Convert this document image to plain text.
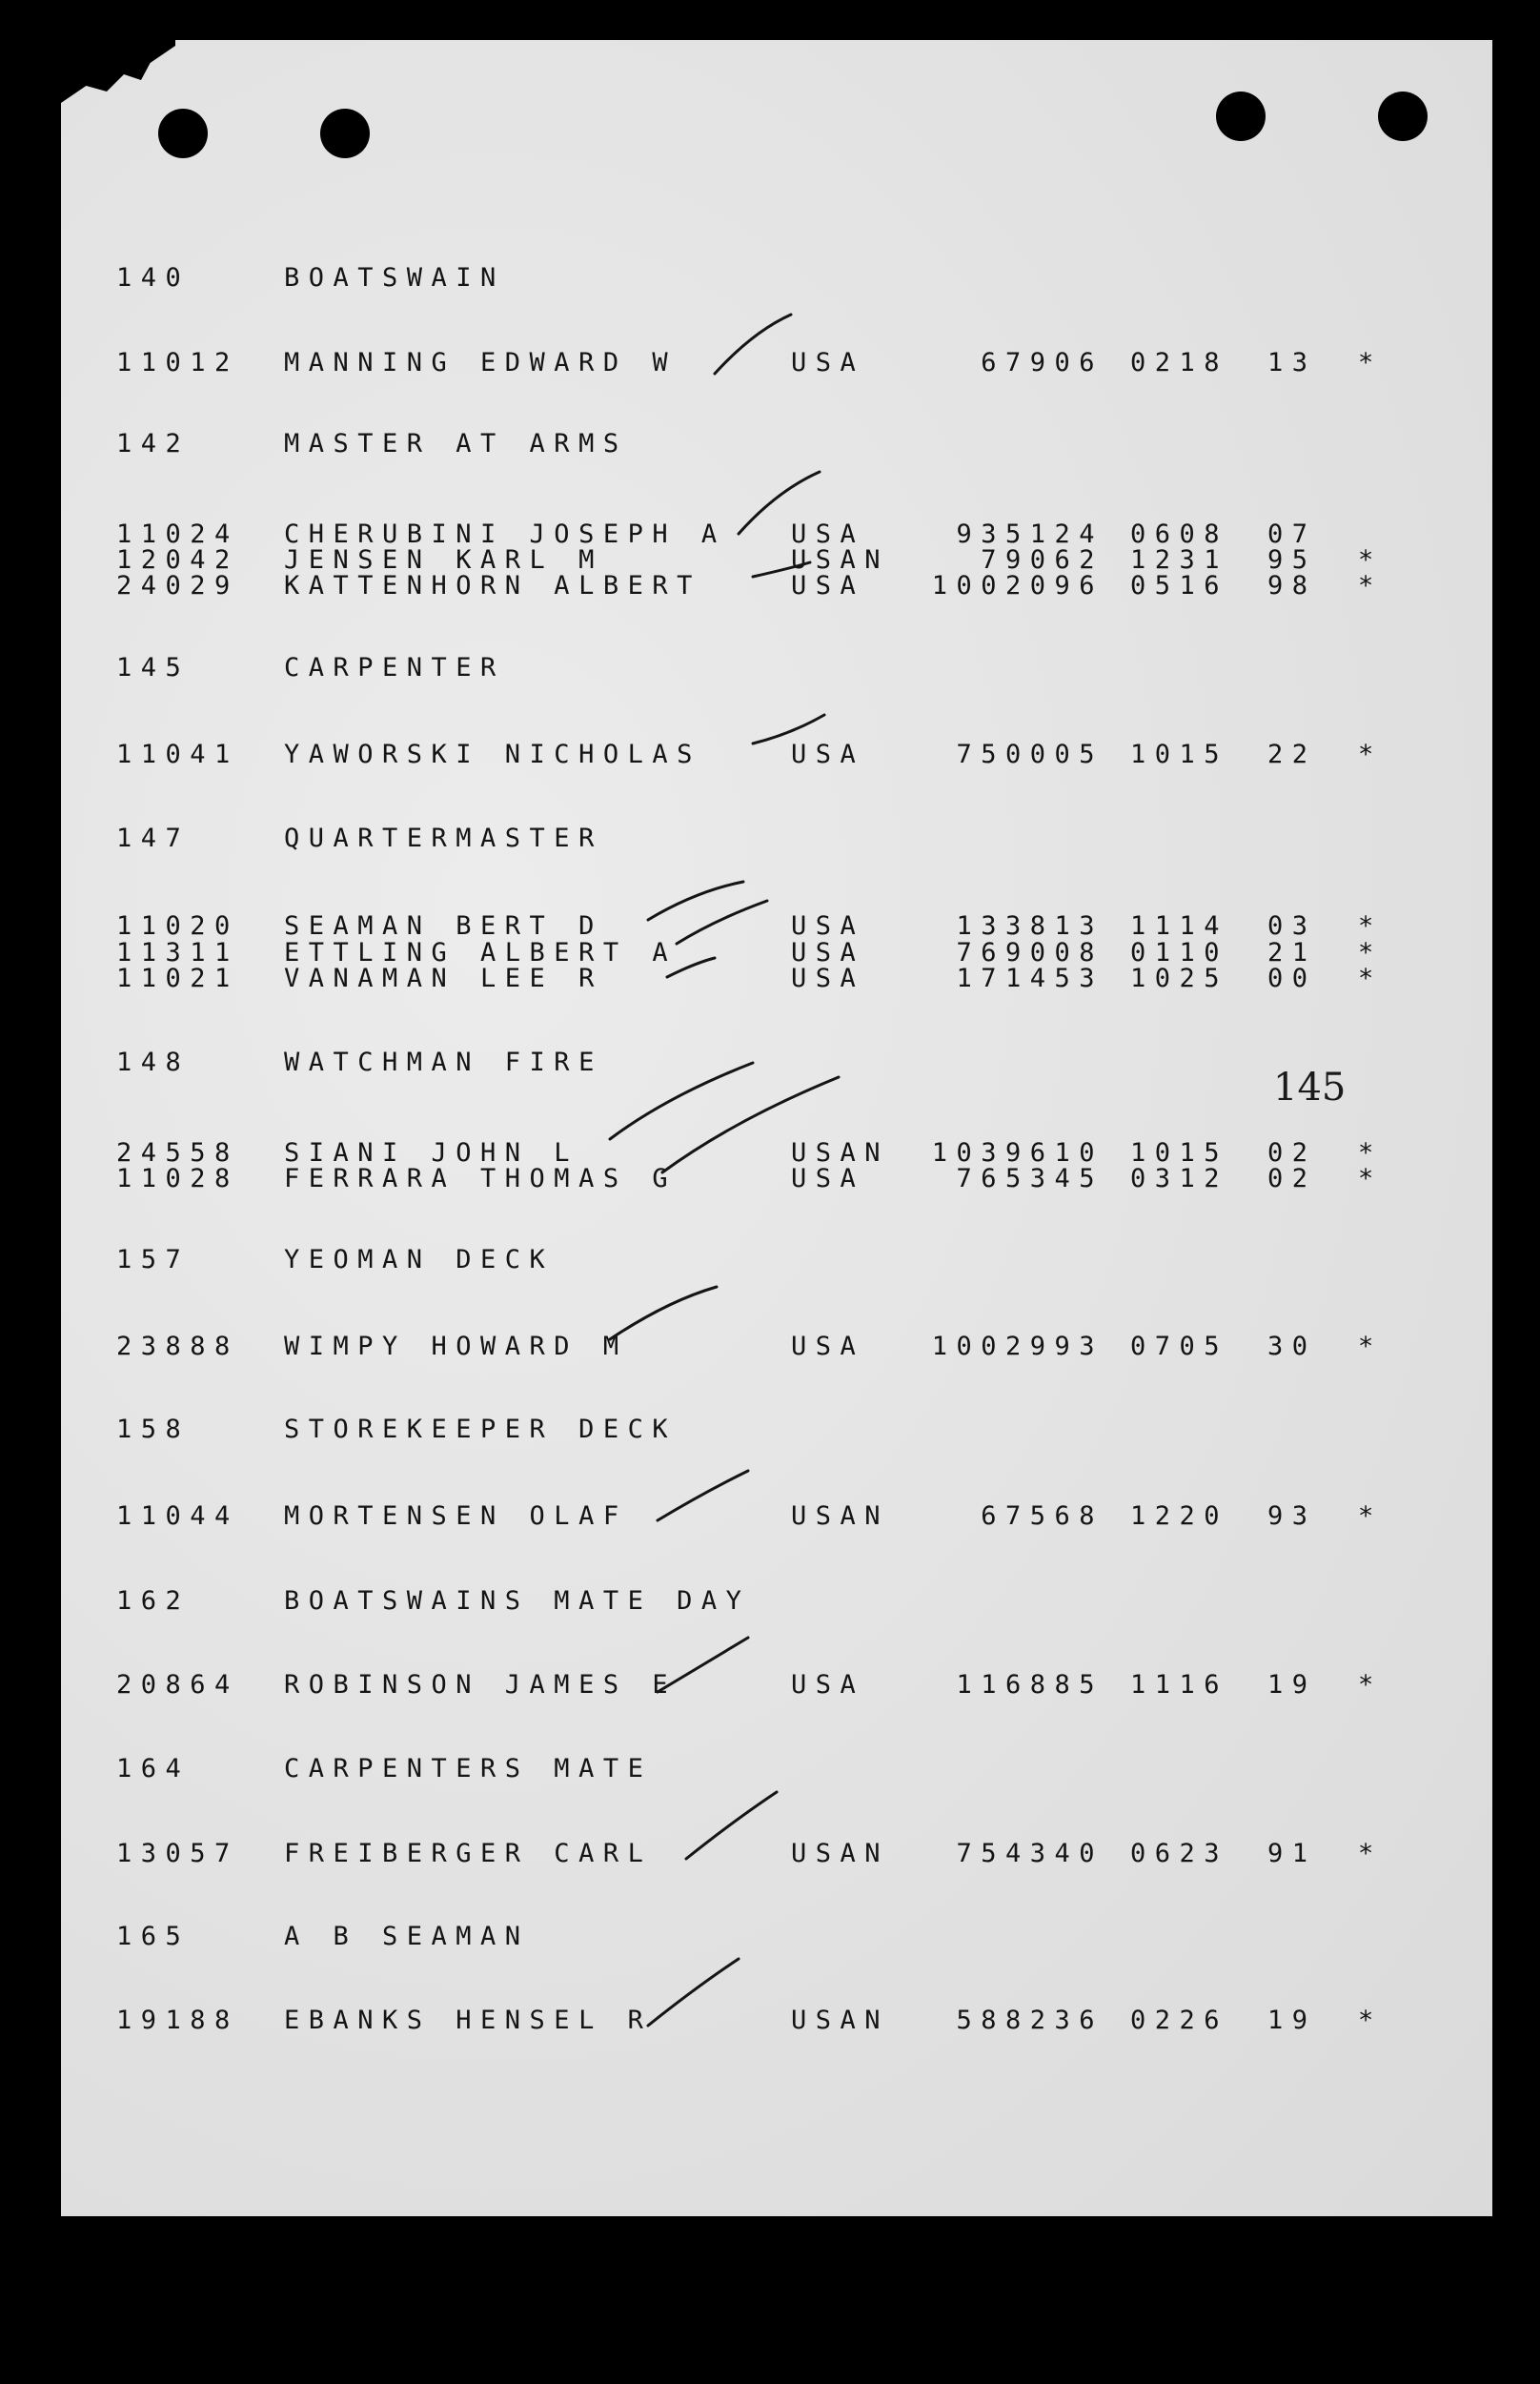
140	BOATSWAIN
11012 MANNING EDWARD W	USA	67906 0218 13 *
142	MASTER AT ARMS
11024 CHERUBINI JOSEPH A	USA	935124 0608 07
12042 JENSEN KARL M	USAN	79062 1231 95 *
24029 KATTENHORN ALBERT	USA	1002096 0516 98 *
145	CARPENTER
11041 YAWORSKI NICHOLAS	USA	750005 1015 22 *
147	QUARTERMASTER
11020 SEAMAN BERT D	USA	133813 1114 03 *
11311 ETTLING ALBERT A	USA	769008 0110 21 *
11021 VANAMAN LEE R	USA	171453 1025 00 *
148	WATCHMAN FIRE
24558 SIANI JOHN L	USAN	1039610 1015 02 *
11028 FERRARA THOMAS G	USA	765345 0312 02 *
157	YEOMAN DECK
23888 WIMPY HOWARD M	USA	1002993 0705 30 *
158	STOREKEEPER DECK
11044 MORTENSEN OLAF	USAN	67568 1220 93 *
162	BOATSWAINS MATE DAY
20864 ROBINSON JAMES E	USA	116885 1116 19 *
164	CARPENTERS MATE
13057 FREIBERGER CARL	USAN	754340 0623 91 *
165	A B SEAMAN
19188 EBANKS HENSEL R	USAN	588236 0226 19 *
145
